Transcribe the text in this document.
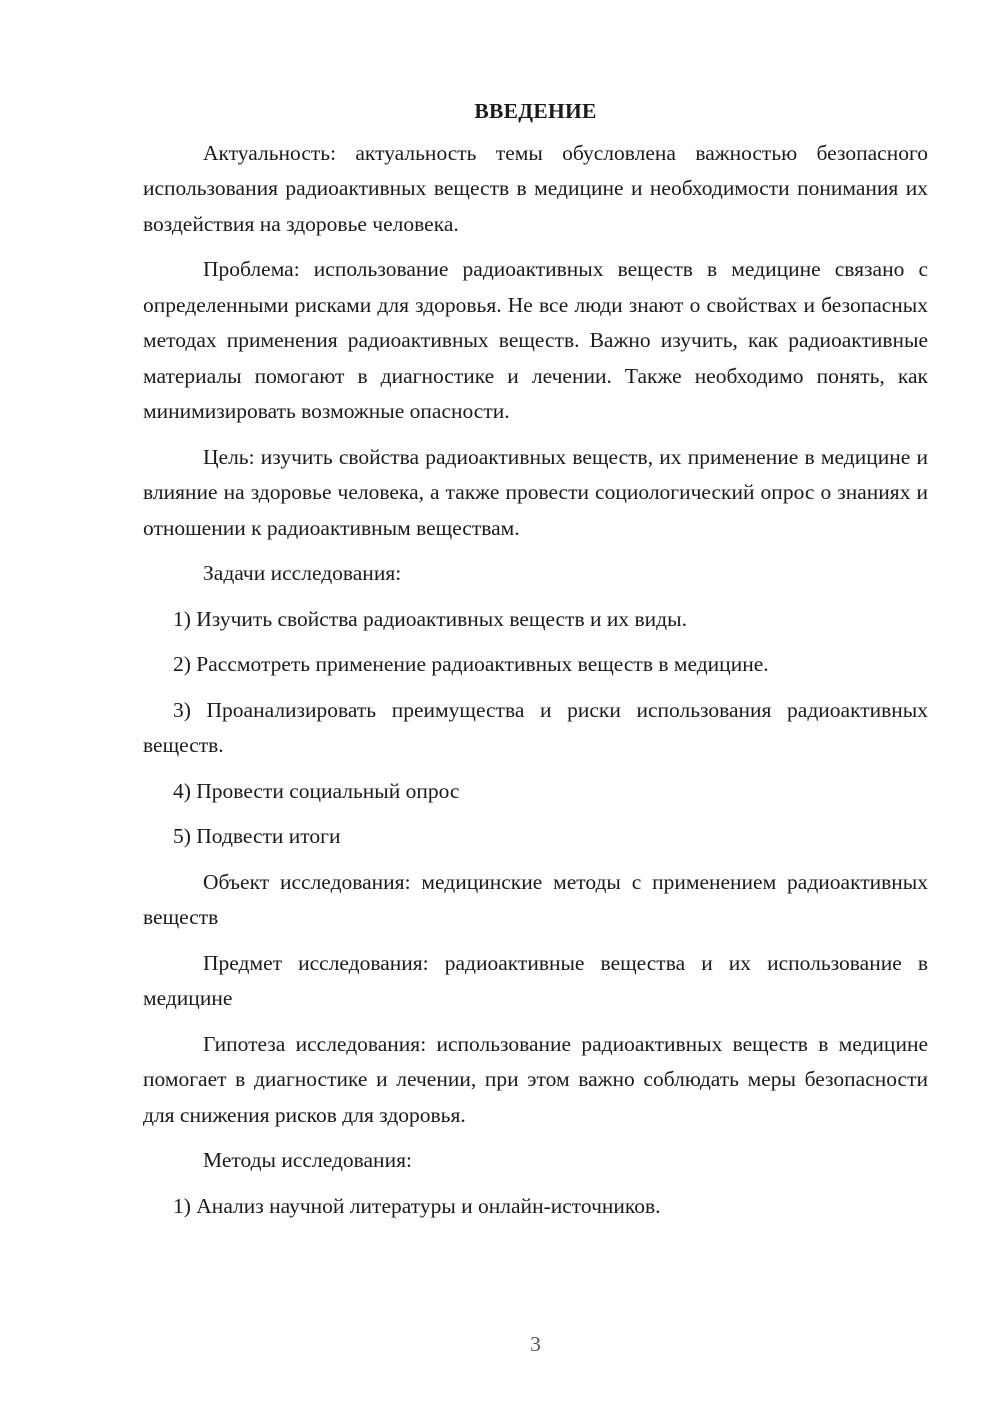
ВВЕДЕНИЕ

Актуальность: актуальность темы обусловлена важностью безопасного использования радиоактивных веществ в медицине и необходимости понимания их воздействия на здоровье человека.

Проблема: использование радиоактивных веществ в медицине связано с определенными рисками для здоровья. Не все люди знают о свойствах и безопасных методах применения радиоактивных веществ. Важно изучить, как радиоактивные материалы помогают в диагностике и лечении. Также необходимо понять, как минимизировать возможные опасности.

Цель: изучить свойства радиоактивных веществ, их применение в медицине и влияние на здоровье человека, а также провести социологический опрос о знаниях и отношении к радиоактивным веществам.

Задачи исследования:

1) Изучить свойства радиоактивных веществ и их виды.

2) Рассмотреть применение радиоактивных веществ в медицине.

3) Проанализировать преимущества и риски использования радиоактивных веществ.

4) Провести социальный опрос

5) Подвести итоги

Объект исследования: медицинские методы с применением радиоактивных веществ

Предмет исследования: радиоактивные вещества и их использование в медицине

Гипотеза исследования: использование радиоактивных веществ в медицине помогает в диагностике и лечении, при этом важно соблюдать меры безопасности для снижения рисков для здоровья.

Методы исследования:

1) Анализ научной литературы и онлайн-источников.

3
